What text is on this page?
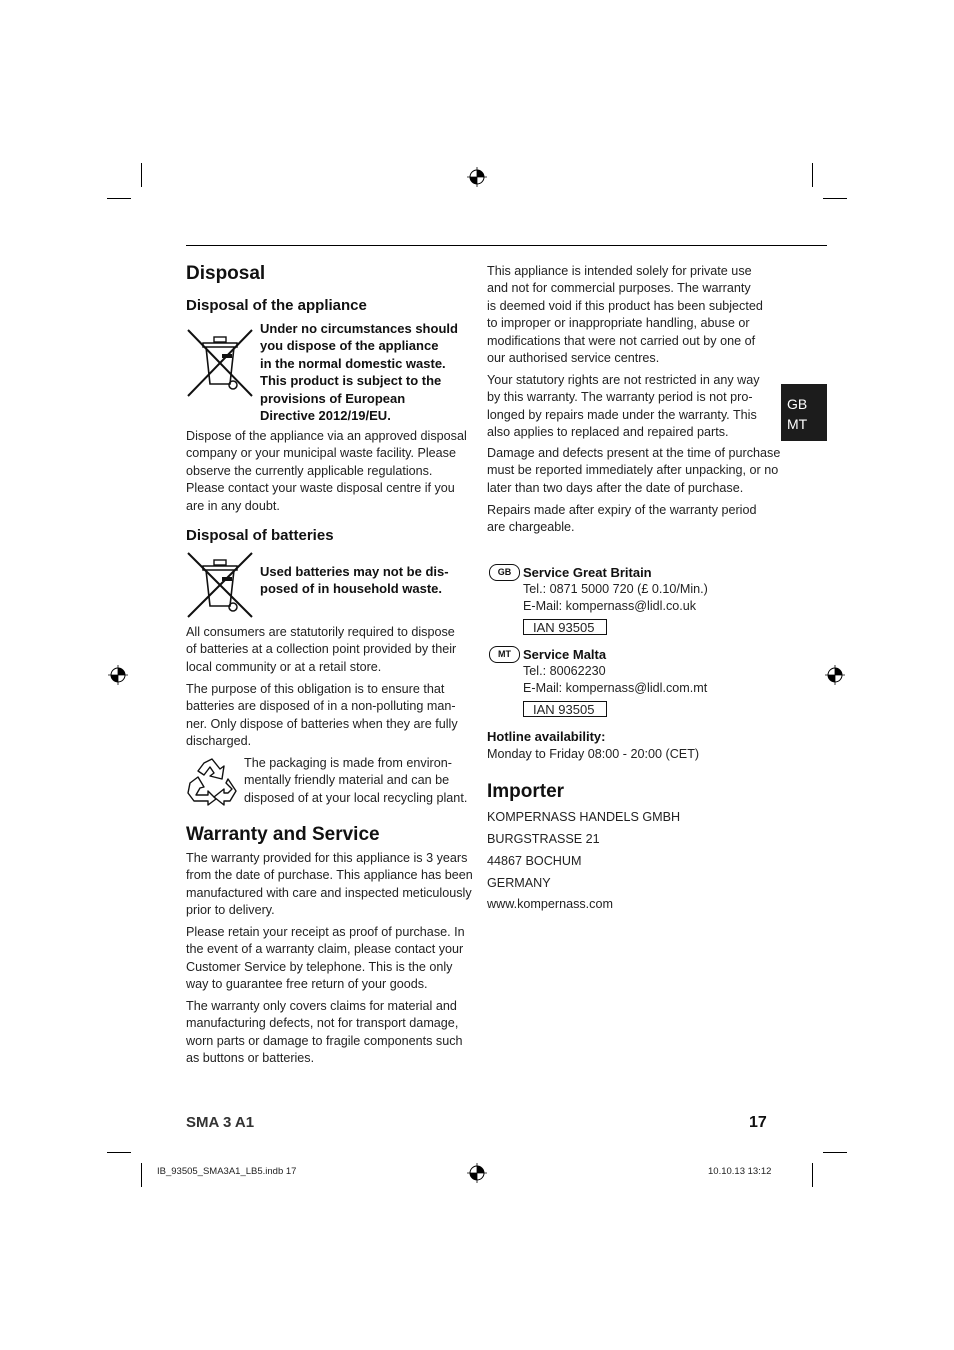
GB
MT
Disposal
Disposal of the appliance
Under no circumstances should
you dispose of the appliance
in the normal domestic waste.
This product is subject to the
provisions of European
Directive 2012/19/EU.
Dispose of the appliance via an approved disposal
company or your municipal waste facility. Please
observe the currently applicable regulations.
Please contact your waste disposal centre if you
are in any doubt.
Disposal of batteries
Used batteries may not be dis-
posed of in household waste.
All consumers are statutorily required to dispose
of batteries at a collection point provided by their
local community or at a retail store.
The purpose of this obligation is to ensure that
batteries are disposed of in a non-polluting man-
ner. Only dispose of batteries when they are fully
discharged.
The packaging is made from environ-
mentally friendly material and can be
disposed of at your local recycling plant.
Warranty and Service
The warranty provided for this appliance is 3 years
from the date of purchase. This appliance has been
manufactured with care and inspected meticulously
prior to delivery.
Please retain your receipt as proof of purchase. In
the event of a warranty claim, please contact your
Customer Service by telephone. This is the only
way to guarantee free return of your goods.
The warranty only covers claims for material and
manufacturing defects, not for transport damage,
worn parts or damage to fragile components such
as buttons or batteries.
This appliance is intended solely for private use
and not for commercial purposes. The warranty
is deemed void if this product has been subjected
to improper or inappropriate handling, abuse or
modifications that were not carried out by one of
our authorised service centres.
Your statutory rights are not restricted in any way
by this warranty. The warranty period is not pro-
longed by repairs made under the warranty. This
also applies to replaced and repaired parts.
Damage and defects present at the time of purchase
must be reported immediately after unpacking, or no
later than two days after the date of purchase.
Repairs made after expiry of the warranty period
are chargeable.
GB Service Great Britain
Tel.: 0871 5000 720 (£ 0.10/Min.)
E-Mail: kompernass@lidl.co.uk
IAN 93505
MT Service Malta
Tel.: 80062230
E-Mail: kompernass@lidl.com.mt
IAN 93505
Hotline availability:
Monday to Friday 08:00 - 20:00 (CET)
Importer
KOMPERNASS HANDELS GMBH
BURGSTRASSE 21
44867 BOCHUM
GERMANY
www.kompernass.com
SMA 3 A1	17
IB_93505_SMA3A1_LB5.indb 17	10.10.13 13:12
